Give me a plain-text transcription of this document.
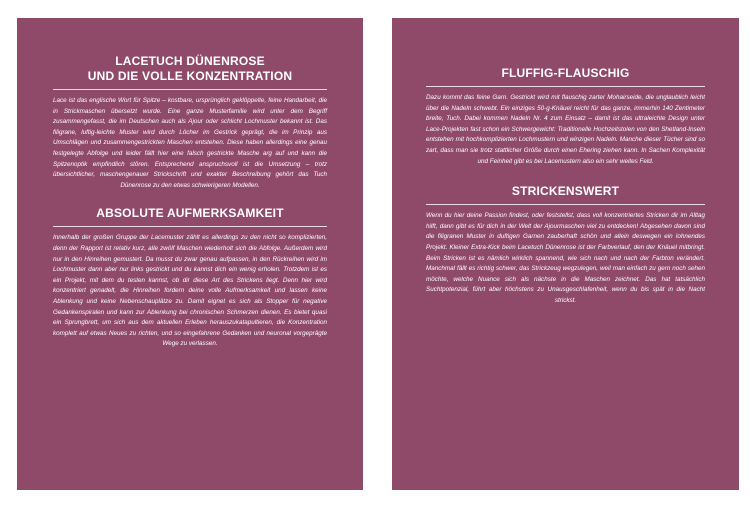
LACETUCH DÜNENROSE
UND DIE VOLLE KONZENTRATION

Lace ist das englische Wort für Spitze – kostbare, ursprünglich geklöppelte, feine Handarbeit, die in Strickmaschen übersetzt wurde. Eine ganze Musterfamilie wird unter dem Begriff zusammengefasst, die im Deutschen auch als Ajour oder schlicht Lochmuster bekannt ist. Das filigrane, luftig-leichte Muster wird durch Löcher im Gestrick geprägt, die im Prinzip aus Umschlägen und zusammengestrickten Maschen entstehen. Diese haben allerdings eine genau festgelegte Abfolge und leider fällt hier eine falsch gestrickte Masche arg auf und kann die Spitzenoptik empfindlich stören. Entsprechend anspruchsvoll ist die Umsetzung – trotz übersichtlicher, maschengenauer Strickschrift und exakter Beschreibung gehört das Tuch Dünenrose zu den etwas schwierigeren Modellen.

ABSOLUTE AUFMERKSAMKEIT

Innerhalb der großen Gruppe der Lacemuster zählt es allerdings zu den nicht so komplizierten, denn der Rapport ist relativ kurz, alle zwölf Maschen wiederholt sich die Abfolge. Außerdem wird nur in den Hinreihen gemustert. Da musst du zwar genau aufpassen, in den Rückreihen wird im Lochmuster dann aber nur links gestrickt und du kannst dich ein wenig erholen. Trotzdem ist es ein Projekt, mit dem du testen kannst, ob dir diese Art des Strickens liegt. Denn hier wird konzentriert genadelt, die Hinreihen fordern deine volle Aufmerksamkeit und lassen keine Ablenkung und keine Nebenschauplätze zu. Damit eignet es sich als Stopper für negative Gedankenspiralen und kann zur Ablenkung bei chronischen Schmerzen dienen. Es bietet quasi ein Sprungbrett, um sich aus dem aktuellen Erleben herauszukatapultieren, die Konzentration komplett auf etwas Neues zu richten, und so eingefahrene Gedanken und neuronal vorgeprägte Wege zu verlassen.

FLUFFIG-FLAUSCHIG

Dazu kommt das feine Garn. Gestrickt wird mit flauschig zarter Mohairseide, die unglaublich leicht über die Nadeln schwebt. Ein einziges 50-g-Knäuel reicht für das ganze, immerhin 140 Zentimeter breite, Tuch. Dabei kommen Nadeln Nr. 4 zum Einsatz – damit ist das ultraleichte Design unter Lace-Projekten fast schon ein Schwergewicht: Traditionelle Hochzeitstolen von den Shetland-Inseln entstehen mit hochkomplizierten Lochmustern und winzigen Nadeln. Manche dieser Tücher sind so zart, dass man sie trotz stattlicher Größe durch einen Ehering ziehen kann. In Sachen Komplexität und Feinheit gibt es bei Lacemustern also ein sehr weites Feld.

STRICKENSWERT

Wenn du hier deine Passion findest, oder feststellst, dass voll konzentriertes Stricken dir im Alltag hilft, dann gibt es für dich in der Welt der Ajourmaschen viel zu entdecken! Abgesehen davon sind die filigranen Muster in duftigen Garnen zauberhaft schön und allein deswegen ein lohnendes Projekt. Kleiner Extra-Kick beim Lacetuch Dünenrose ist der Farbverlauf, den der Knäuel mitbringt. Beim Stricken ist es nämlich wirklich spannend, wie sich nach und nach der Farbton verändert. Manchmal fällt es richtig schwer, das Strickzeug wegzulegen, weil man einfach zu gern noch sehen möchte, welche Nuance sich als nächste in die Maschen zeichnet. Das hat tatsächlich Suchtpotenzial, führt aber höchstens zu Unausgeschlafenheit, wenn du bis spät in die Nacht strickst.
